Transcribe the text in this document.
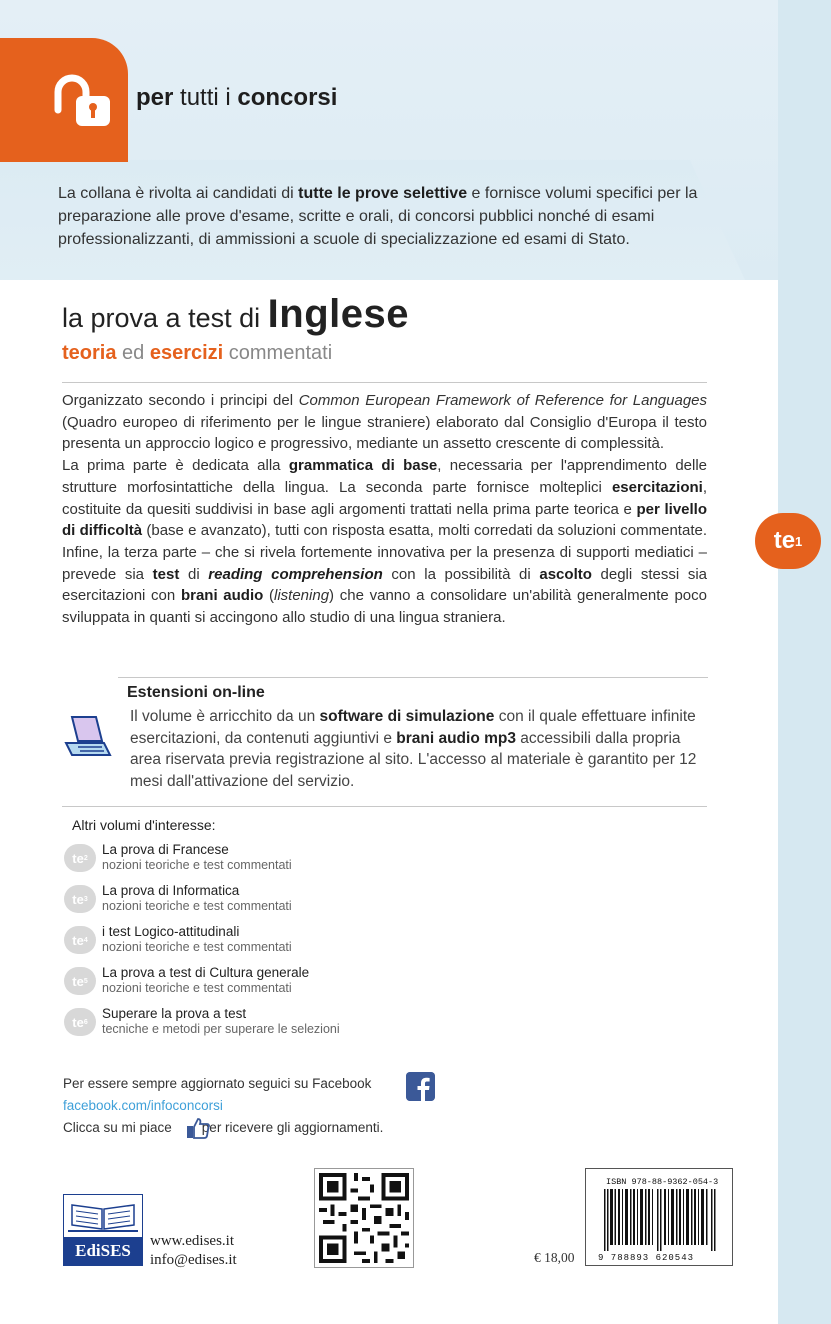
per tutti i concorsi

La collana è rivolta ai candidati di tutte le prove selettive e fornisce volumi specifici per la preparazione alle prove d'esame, scritte e orali, di concorsi pubblici nonché di esami professionalizzanti, di ammissioni a scuole di specializzazione ed esami di Stato.

la prova a test di Inglese
teoria ed esercizi commentati

Organizzato secondo i principi del Common European Framework of Reference for Languages (Quadro europeo di riferimento per le lingue straniere) elaborato dal Consiglio d'Europa il testo presenta un approccio logico e progressivo, mediante un assetto crescente di complessità.

La prima parte è dedicata alla grammatica di base, necessaria per l'apprendimento delle strutture morfosintattiche della lingua. La seconda parte fornisce molteplici esercitazioni, costituite da quesiti suddivisi in base agli argomenti trattati nella prima parte teorica e per livello di difficoltà (base e avanzato), tutti con risposta esatta, molti corredati da soluzioni commentate. Infine, la terza parte – che si rivela fortemente innovativa per la presenza di supporti mediatici – prevede sia test di reading comprehension con la possibilità di ascolto degli stessi sia esercitazioni con brani audio (listening) che vanno a consolidare un'abilità generalmente poco sviluppata in quanti si accingono allo studio di una lingua straniera.

te 1
Estensioni on-line

Il volume è arricchito da un software di simulazione con il quale effettuare infinite esercitazioni, da contenuti aggiuntivi e brani audio mp3 accessibili dalla propria area riservata previa registrazione al sito. L'accesso al materiale è garantito per 12 mesi dall'attivazione del servizio.

Altri volumi d'interesse:
te 2
La prova di Francese
nozioni teoriche e test commentati
te 3
La prova di Informatica
nozioni teoriche e test commentati
te 4
i test Logico-attitudinali
nozioni teoriche e test commentati
te 5
La prova a test di Cultura generale
nozioni teoriche e test commentati
te 6
Superare la prova a test
tecniche e metodi per superare le selezioni
Per essere sempre aggiornato seguici su Facebook
facebook.com/infoconcorsi
Clicca su mi piace per ricevere gli aggiornamenti.
EdiSES	www.edises.it
info@edises.it	€ 18,00
ISBN 978-88-9362-054-3
9 788893 620543
